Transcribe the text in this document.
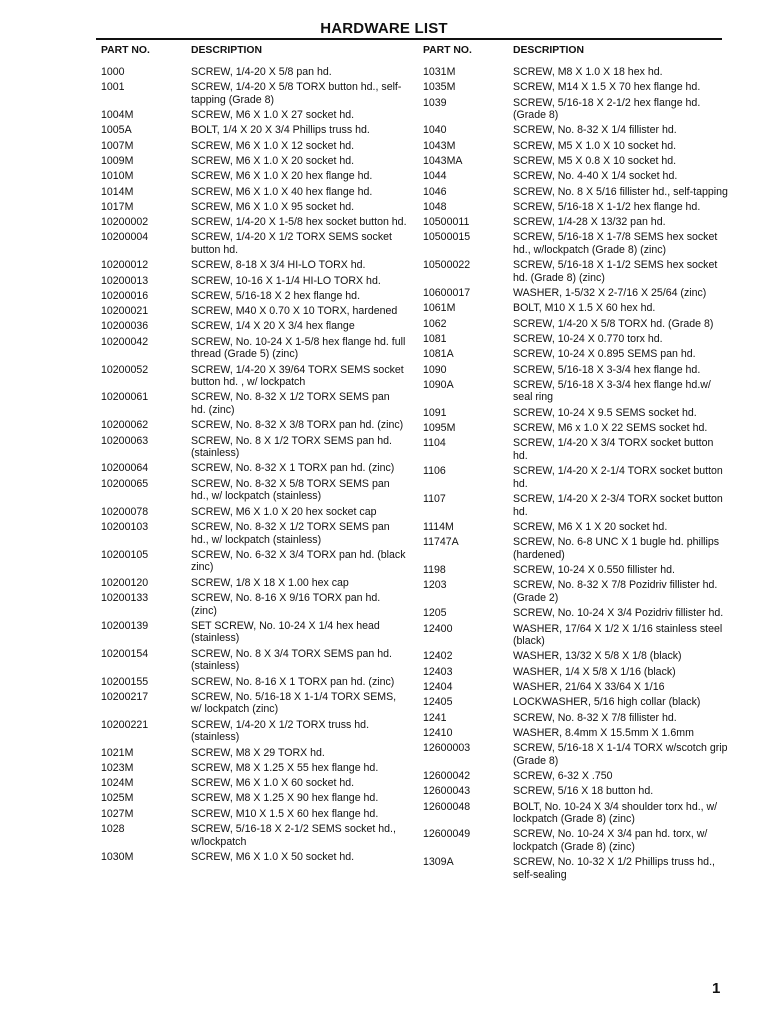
HARDWARE LIST
PART NO.	DESCRIPTION
1000	SCREW, 1/4-20 X 5/8 pan hd.
1001	SCREW, 1/4-20 X 5/8 TORX button hd., self-tapping (Grade 8)
1004M	SCREW, M6 X 1.0 X 27 socket hd.
1005A	BOLT, 1/4 X 20 X 3/4 Phillips truss hd.
1007M	SCREW, M6 X 1.0 X 12 socket hd.
1009M	SCREW, M6 X 1.0 X 20 socket hd.
1010M	SCREW, M6 X 1.0 X 20 hex flange hd.
1014M	SCREW, M6 X 1.0 X 40 hex flange hd.
1017M	SCREW, M6 X 1.0 X 95 socket hd.
10200002	SCREW, 1/4-20 X 1-5/8 hex socket button hd.
10200004	SCREW, 1/4-20 X 1/2 TORX SEMS socket button hd.
10200012	SCREW, 8-18 X 3/4 HI-LO TORX hd.
10200013	SCREW, 10-16 X 1-1/4 HI-LO TORX hd.
10200016	SCREW, 5/16-18 X 2 hex flange hd.
10200021	SCREW, M40 X 0.70 X 10 TORX, hardened
10200036	SCREW, 1/4 X 20 X 3/4 hex flange
10200042	SCREW, No. 10-24 X 1-5/8 hex flange hd. full thread (Grade 5) (zinc)
10200052	SCREW, 1/4-20 X 39/64 TORX SEMS socket button hd. , w/ lockpatch
10200061	SCREW, No. 8-32 X 1/2 TORX SEMS pan hd. (zinc)
10200062	SCREW, No. 8-32 X 3/8 TORX pan hd. (zinc)
10200063	SCREW, No. 8 X 1/2 TORX SEMS pan hd. (stainless)
10200064	SCREW, No. 8-32 X 1 TORX pan hd. (zinc)
10200065	SCREW, No. 8-32 X 5/8 TORX SEMS pan hd., w/ lockpatch (stainless)
10200078	SCREW, M6 X 1.0 X 20 hex socket cap
10200103	SCREW, No. 8-32 X 1/2 TORX SEMS pan hd., w/ lockpatch (stainless)
10200105	SCREW, No. 6-32 X 3/4 TORX pan hd. (black zinc)
10200120	SCREW, 1/8 X 18 X 1.00 hex cap
10200133	SCREW, No. 8-16 X 9/16 TORX pan hd. (zinc)
10200139	SET SCREW, No. 10-24 X 1/4 hex head (stainless)
10200154	SCREW, No. 8 X 3/4 TORX SEMS pan hd. (stainless)
10200155	SCREW, No. 8-16 X 1 TORX pan hd. (zinc)
10200217	SCREW, No. 5/16-18 X 1-1/4 TORX SEMS, w/ lockpatch (zinc)
10200221	SCREW, 1/4-20 X 1/2 TORX truss hd. (stainless)
1021M	SCREW, M8 X 29 TORX hd.
1023M	SCREW, M8 X 1.25 X 55 hex flange hd.
1024M	SCREW, M6 X 1.0 X 60 socket hd.
1025M	SCREW, M8 X 1.25 X 90 hex flange hd.
1027M	SCREW, M10 X 1.5 X 60 hex flange hd.
1028	SCREW, 5/16-18 X 2-1/2 SEMS socket hd., w/lockpatch
1030M	SCREW, M6 X 1.0 X 50 socket hd.
PART NO.	DESCRIPTION
1031M	SCREW, M8 X 1.0 X 18 hex hd.
1035M	SCREW, M14 X 1.5 X 70 hex flange hd.
1039	SCREW, 5/16-18 X 2-1/2 hex flange hd. (Grade 8)
1040	SCREW, No. 8-32 X 1/4 fillister hd.
1043M	SCREW, M5 X 1.0 X 10 socket hd.
1043MA	SCREW, M5 X 0.8 X 10 socket hd.
1044	SCREW, No. 4-40 X 1/4 socket hd.
1046	SCREW, No. 8 X 5/16 fillister hd., self-tapping
1048	SCREW, 5/16-18 X 1-1/2 hex flange hd.
10500011	SCREW, 1/4-28 X 13/32 pan hd.
10500015	SCREW, 5/16-18 X 1-7/8 SEMS hex socket hd., w/lockpatch (Grade 8) (zinc)
10500022	SCREW, 5/16-18 X 1-1/2 SEMS hex socket hd. (Grade 8) (zinc)
10600017	WASHER, 1-5/32 X 2-7/16 X 25/64 (zinc)
1061M	BOLT, M10 X 1.5 X 60 hex hd.
1062	SCREW, 1/4-20 X 5/8 TORX hd. (Grade 8)
1081	SCREW, 10-24 X 0.770 torx hd.
1081A	SCREW, 10-24 X 0.895 SEMS pan hd.
1090	SCREW, 5/16-18 X 3-3/4 hex flange hd.
1090A	SCREW, 5/16-18 X 3-3/4 hex flange hd.w/ seal ring
1091	SCREW, 10-24 X 9.5 SEMS socket hd.
1095M	SCREW, M6 x 1.0 X 22 SEMS socket hd.
1104	SCREW, 1/4-20 X 3/4 TORX socket button hd.
1106	SCREW, 1/4-20 X 2-1/4 TORX socket button hd.
1107	SCREW, 1/4-20 X 2-3/4 TORX socket button hd.
1114M	SCREW, M6 X 1 X 20 socket hd.
11747A	SCREW, No. 6-8 UNC X 1 bugle hd. phillips (hardened)
1198	SCREW, 10-24 X 0.550 fillister hd.
1203	SCREW, No. 8-32 X 7/8 Pozidriv fillister hd. (Grade 2)
1205	SCREW, No. 10-24 X 3/4 Pozidriv fillister hd.
12400	WASHER, 17/64 X 1/2 X 1/16 stainless steel (black)
12402	WASHER, 13/32 X 5/8 X 1/8 (black)
12403	WASHER, 1/4 X 5/8 X 1/16 (black)
12404	WASHER, 21/64 X 33/64 X 1/16
12405	LOCKWASHER, 5/16 high collar (black)
1241	SCREW, No. 8-32 X 7/8 fillister hd.
12410	WASHER, 8.4mm X 15.5mm X 1.6mm
12600003	SCREW, 5/16-18 X 1-1/4 TORX w/scotch grip (Grade 8)
12600042	SCREW, 6-32 X .750
12600043	SCREW, 5/16 X 18 button hd.
12600048	BOLT, No. 10-24 X 3/4 shoulder torx hd., w/ lockpatch (Grade 8) (zinc)
12600049	SCREW, No. 10-24 X 3/4 pan hd. torx, w/ lockpatch (Grade 8) (zinc)
1309A	SCREW, No. 10-32 X 1/2 Phillips truss hd., self-sealing
1
